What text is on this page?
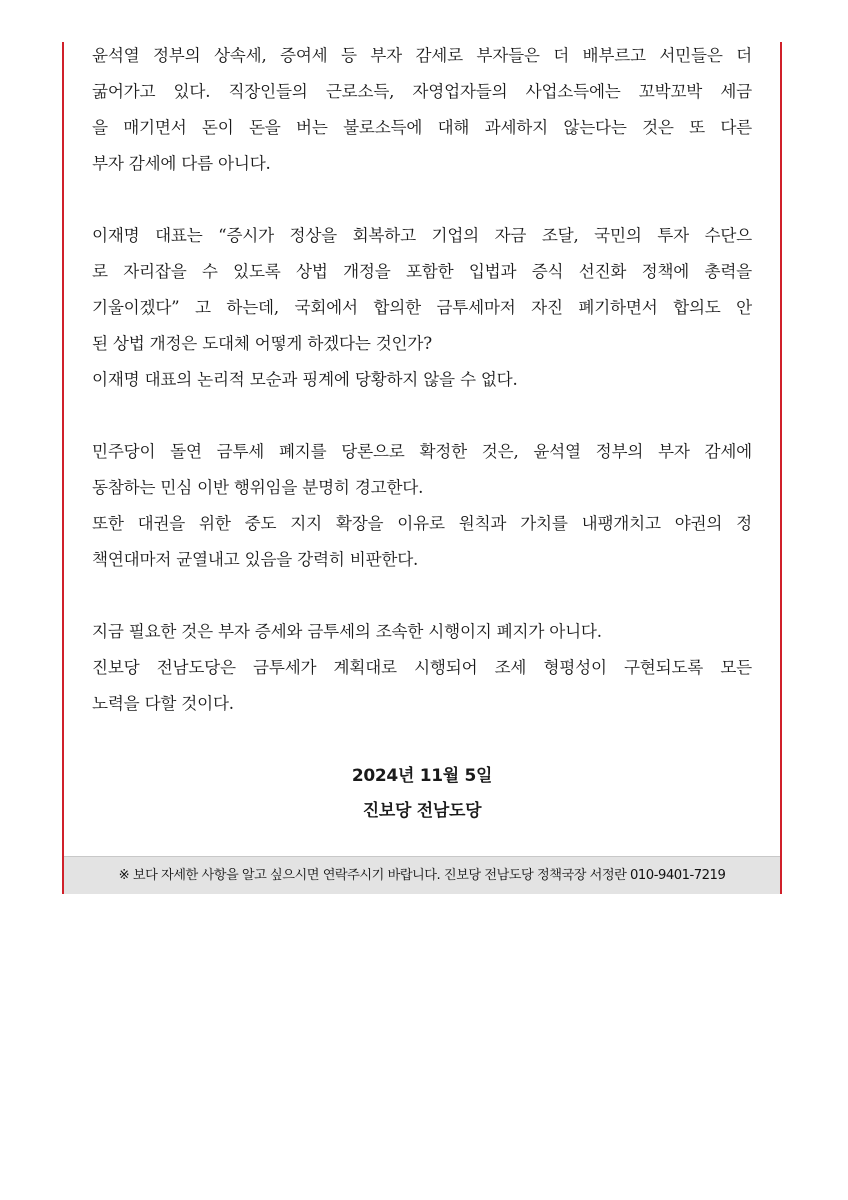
윤석열 정부의 상속세, 증여세 등 부자 감세로 부자들은 더 배부르고 서민들은 더
굶어가고 있다. 직장인들의 근로소득, 자영업자들의 사업소득에는 꼬박꼬박 세금
을 매기면서 돈이 돈을 버는 불로소득에 대해 과세하지 않는다는 것은 또 다른
부자 감세에 다름 아니다.

이재명 대표는 “증시가 정상을 회복하고 기업의 자금 조달, 국민의 투자 수단으
로 자리잡을 수 있도록 상법 개정을 포함한 입법과 증식 선진화 정책에 총력을
기울이겠다” 고 하는데, 국회에서 합의한 금투세마저 자진 폐기하면서 합의도 안
된 상법 개정은 도대체 어떻게 하겠다는 것인가?
이재명 대표의 논리적 모순과 핑계에 당황하지 않을 수 없다.

민주당이 돌연 금투세 폐지를 당론으로 확정한 것은, 윤석열 정부의 부자 감세에
동참하는 민심 이반 행위임을 분명히 경고한다.
또한 대권을 위한 중도 지지 확장을 이유로 원칙과 가치를 내팽개치고 야권의 정
책연대마저 균열내고 있음을 강력히 비판한다.

지금 필요한 것은 부자 증세와 금투세의 조속한 시행이지 폐지가 아니다.
진보당 전남도당은 금투세가 계획대로 시행되어 조세 형평성이 구현되도록 모든
노력을 다할 것이다.

2024년 11월 5일
진보당 전남도당
※ 보다 자세한 사항을 알고 싶으시면 연락주시기 바랍니다. 진보당 전남도당 정책국장 서정란 010-9401-7219
